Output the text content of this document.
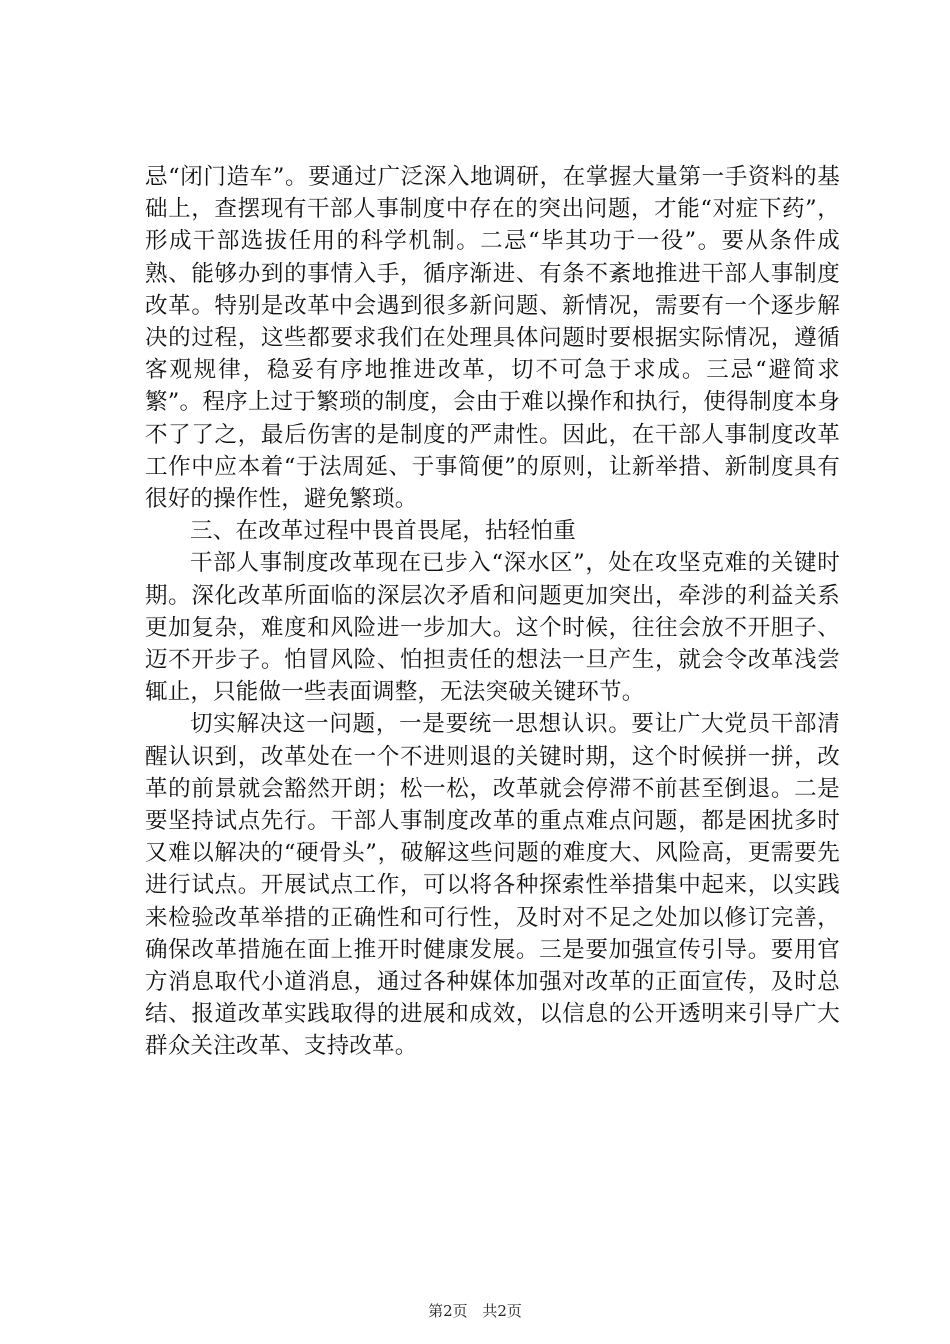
忌“闭门造车”。要通过广泛深入地调研，在掌握大量第一手资料的基础上，查摆现有干部人事制度中存在的突出问题，才能“对症下药”，形成干部选拔任用的科学机制。二忌“毕其功于一役”。要从条件成熟、能够办到的事情入手，循序渐进、有条不紊地推进干部人事制度改革。特别是改革中会遇到很多新问题、新情况，需要有一个逐步解决的过程，这些都要求我们在处理具体问题时要根据实际情况，遵循客观规律，稳妥有序地推进改革，切不可急于求成。三忌“避简求繁”。程序上过于繁琐的制度，会由于难以操作和执行，使得制度本身不了了之，最后伤害的是制度的严肃性。因此，在干部人事制度改革工作中应本着“于法周延、于事简便”的原则，让新举措、新制度具有很好的操作性，避免繁琐。

三、在改革过程中畏首畏尾，拈轻怕重

干部人事制度改革现在已步入“深水区”，处在攻坚克难的关键时期。深化改革所面临的深层次矛盾和问题更加突出，牵涉的利益关系更加复杂，难度和风险进一步加大。这个时候，往往会放不开胆子、迈不开步子。怕冒风险、怕担责任的想法一旦产生，就会令改革浅尝辄止，只能做一些表面调整，无法突破关键环节。

切实解决这一问题，一是要统一思想认识。要让广大党员干部清醒认识到，改革处在一个不进则退的关键时期，这个时候拼一拼，改革的前景就会豁然开朗；松一松，改革就会停滞不前甚至倒退。二是要坚持试点先行。干部人事制度改革的重点难点问题，都是困扰多时又难以解决的“硬骨头”，破解这些问题的难度大、风险高，更需要先进行试点。开展试点工作，可以将各种探索性举措集中起来，以实践来检验改革举措的正确性和可行性，及时对不足之处加以修订完善，确保改革措施在面上推开时健康发展。三是要加强宣传引导。要用官方消息取代小道消息，通过各种媒体加强对改革的正面宣传，及时总结、报道改革实践取得的进展和成效，以信息的公开透明来引导广大群众关注改革、支持改革。

第2页 共2页
